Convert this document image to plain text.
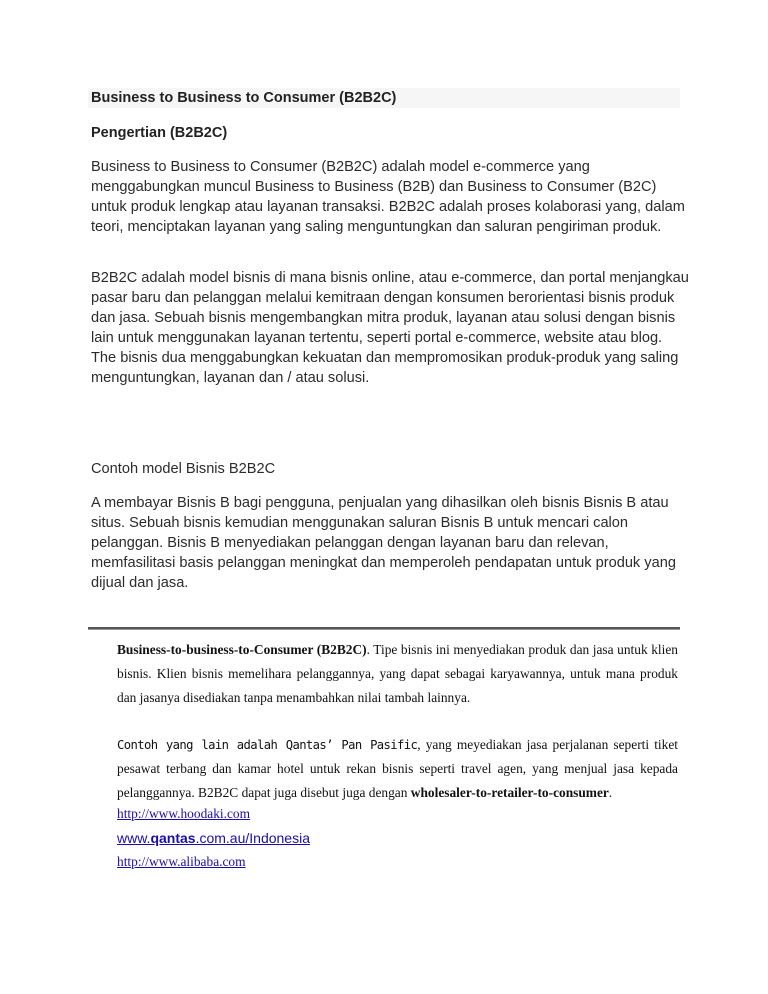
Business to Business to Consumer (B2B2C)
Pengertian (B2B2C)

Business to Business to Consumer (B2B2C) adalah model e-commerce yang menggabungkan muncul Business to Business (B2B) dan Business to Consumer (B2C) untuk produk lengkap atau layanan transaksi. B2B2C adalah proses kolaborasi yang, dalam teori, menciptakan layanan yang saling menguntungkan dan saluran pengiriman produk.

B2B2C adalah model bisnis di mana bisnis online, atau e-commerce, dan portal menjangkau pasar baru dan pelanggan melalui kemitraan dengan konsumen berorientasi bisnis produk dan jasa. Sebuah bisnis mengembangkan mitra produk, layanan atau solusi dengan bisnis lain untuk menggunakan layanan tertentu, seperti portal e-commerce, website atau blog. The bisnis dua menggabungkan kekuatan dan mempromosikan produk-produk yang saling menguntungkan, layanan dan / atau solusi.

Contoh model Bisnis B2B2C

A membayar Bisnis B bagi pengguna, penjualan yang dihasilkan oleh bisnis Bisnis B atau situs. Sebuah bisnis kemudian menggunakan saluran Bisnis B untuk mencari calon pelanggan. Bisnis B menyediakan pelanggan dengan layanan baru dan relevan, memfasilitasi basis pelanggan meningkat dan memperoleh pendapatan untuk produk yang dijual dan jasa.

Business-to-business-to-Consumer (B2B2C). Tipe bisnis ini menyediakan produk dan jasa untuk klien bisnis. Klien bisnis memelihara pelanggannya, yang dapat sebagai karyawannya, untuk mana produk dan jasanya disediakan tanpa menambahkan nilai tambah lainnya.

Contoh yang lain adalah Qantas’ Pan Pasific, yang meyediakan jasa perjalanan seperti tiket pesawat terbang dan kamar hotel untuk rekan bisnis seperti travel agen, yang menjual jasa kepada pelanggannya. B2B2C dapat juga disebut juga dengan wholesaler-to-retailer-to-consumer.

http://www.hoodaki.com
www.qantas.com.au/Indonesia
http://www.alibaba.com
